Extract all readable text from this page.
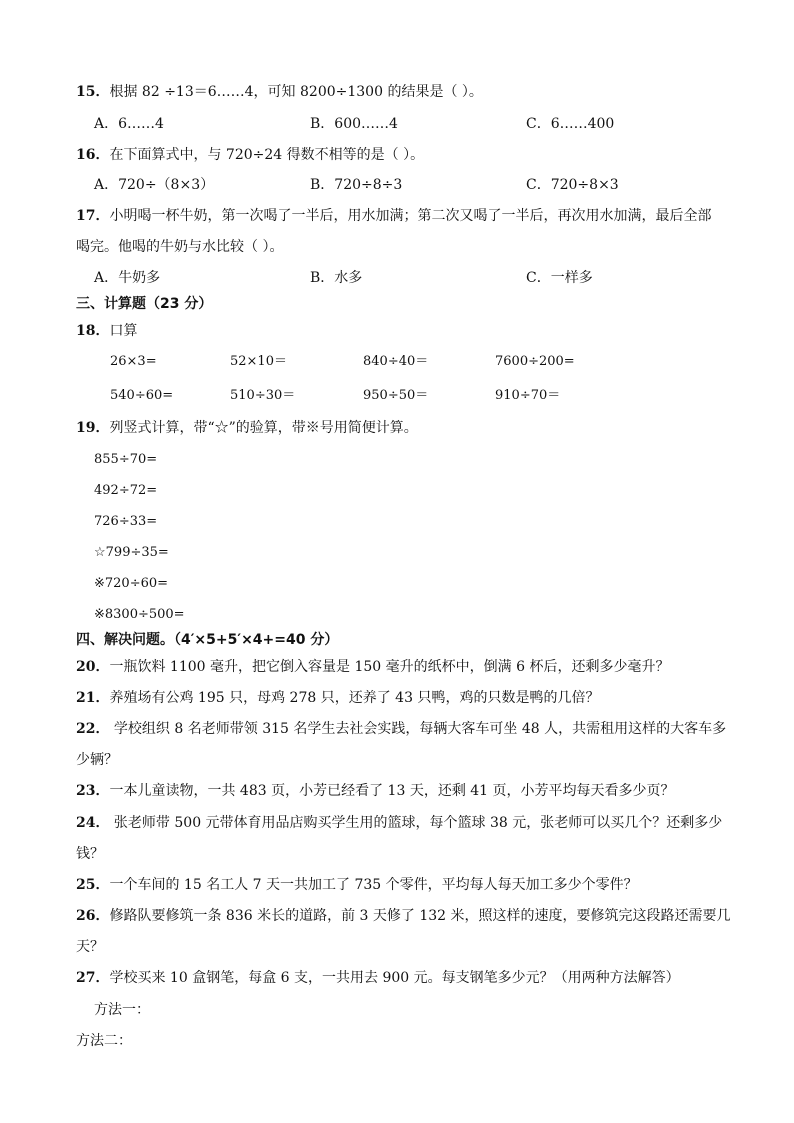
15．根据 82 ÷13＝6……4，可知 8200÷1300 的结果是（ ）。
A．6……4	B．600……4	C．6……400
16．在下面算式中，与 720÷24 得数不相等的是（ ）。
A．720÷（8×3）	B．720÷8÷3	C．720÷8×3
17．小明喝一杯牛奶，第一次喝了一半后，用水加满；第二次又喝了一半后，再次用水加满，最后全部
喝完。他喝的牛奶与水比较（ ）。
A．牛奶多	B．水多	C．一样多
三、计算题（23 分）
18．口算
26×3=	52×10＝	840÷40＝	7600÷200=
540÷60=	510÷30＝	950÷50＝	910÷70＝
19．列竖式计算，带“☆”的验算，带※号用简便计算。
855÷70=
492÷72=
726÷33=
☆799÷35=
※720÷60=
※8300÷500=
四、解决问题。（4′×5+5′×4+=40 分）
20．一瓶饮料 1100 毫升，把它倒入容量是 150 毫升的纸杯中，倒满 6 杯后，还剩多少毫升？
21．养殖场有公鸡 195 只，母鸡 278 只，还养了 43 只鸭，鸡的只数是鸭的几倍？
22． 学校组织 8 名老师带领 315 名学生去社会实践，每辆大客车可坐 48 人，共需租用这样的大客车多
少辆？
23．一本儿童读物，一共 483 页，小芳已经看了 13 天，还剩 41 页，小芳平均每天看多少页？
24． 张老师带 500 元带体育用品店购买学生用的篮球，每个篮球 38 元，张老师可以买几个？还剩多少
钱？
25．一个车间的 15 名工人 7 天一共加工了 735 个零件，平均每人每天加工多少个零件？
26．修路队要修筑一条 836 米长的道路，前 3 天修了 132 米，照这样的速度，要修筑完这段路还需要几
天？
27．学校买来 10 盒钢笔，每盒 6 支，一共用去 900 元。每支钢笔多少元？（用两种方法解答）
方法一：
方法二：
